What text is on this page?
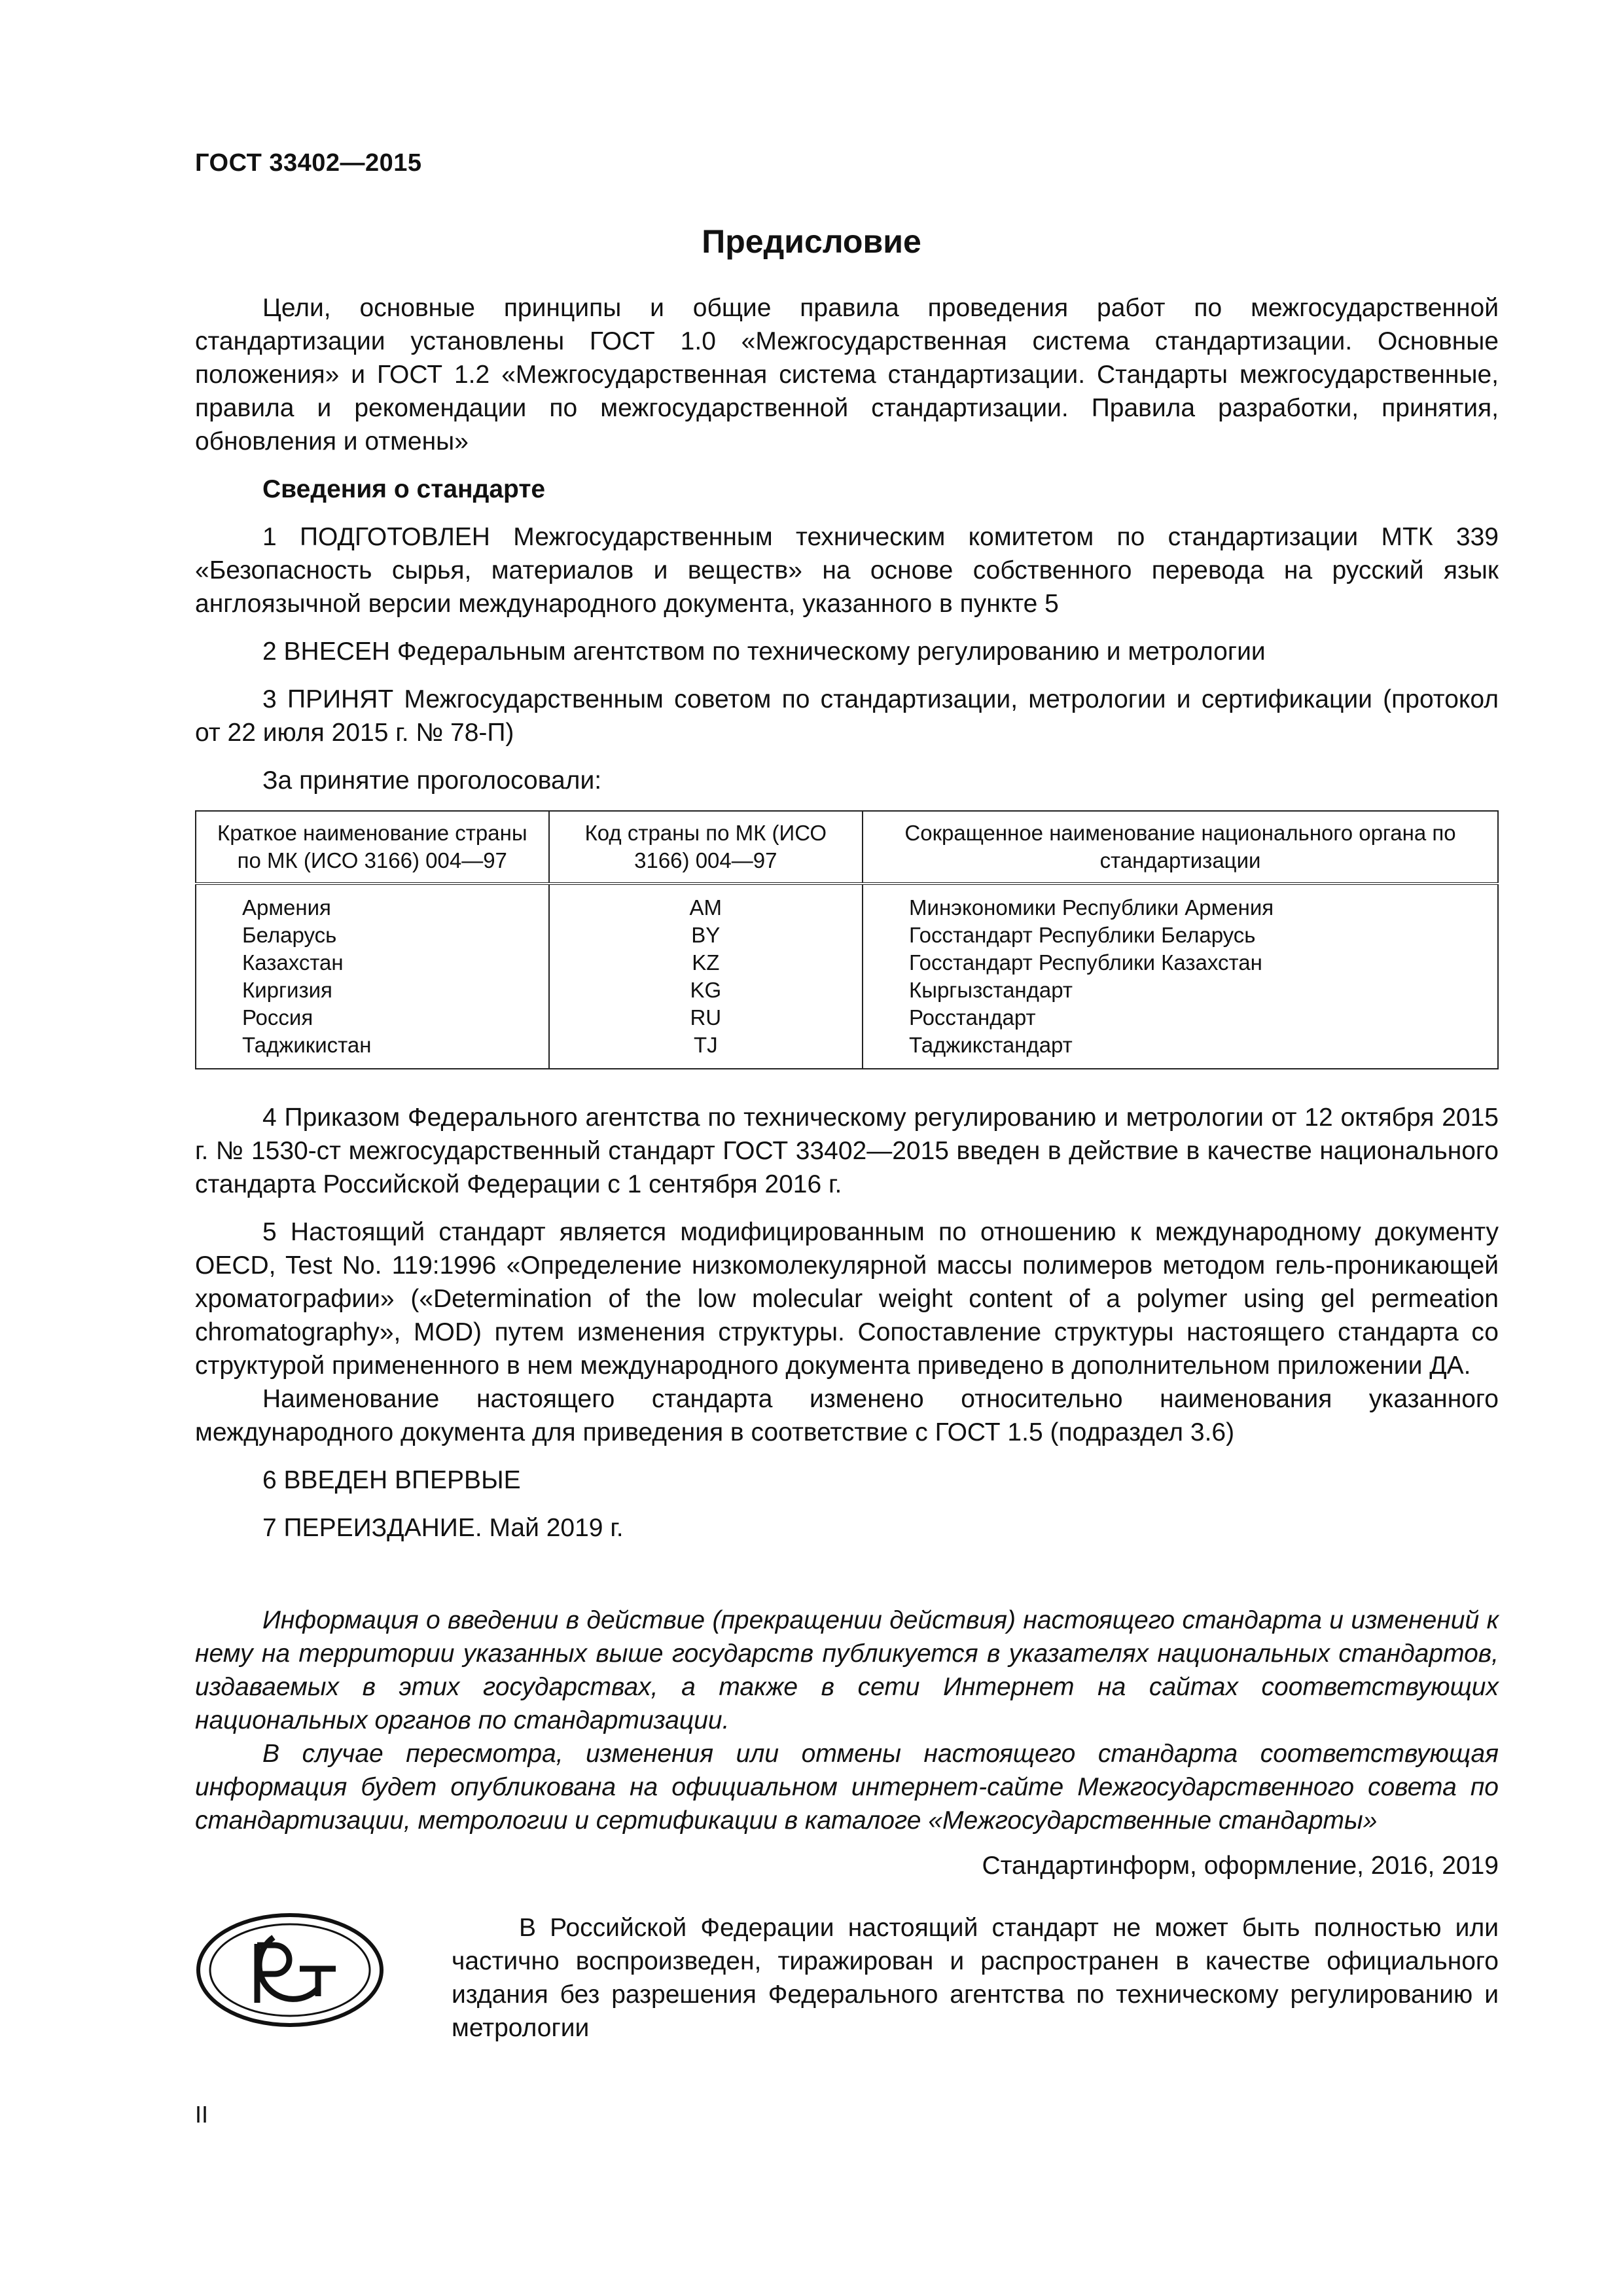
ГОСТ 33402—2015
Предисловие

Цели, основные принципы и общие правила проведения работ по межгосударственной стандартизации установлены ГОСТ 1.0 «Межгосударственная система стандартизации. Основные положения» и ГОСТ 1.2 «Межгосударственная система стандартизации. Стандарты межгосударственные, правила и рекомендации по межгосударственной стандартизации. Правила разработки, принятия, обновления и отмены»

Сведения о стандарте

1 ПОДГОТОВЛЕН Межгосударственным техническим комитетом по стандартизации МТК 339 «Безопасность сырья, материалов и веществ» на основе собственного перевода на русский язык англоязычной версии международного документа, указанного в пункте 5

2 ВНЕСЕН Федеральным агентством по техническому регулированию и метрологии

3 ПРИНЯТ Межгосударственным советом по стандартизации, метрологии и сертификации (протокол от 22 июля 2015 г. № 78-П)

За принятие проголосовали:

Краткое наименование страны по МК (ИСО 3166) 004—97	Код страны по МК (ИСО 3166) 004—97	Сокращенное наименование национального органа по стандартизации
Армения	AM	Минэкономики Республики Армения
Беларусь	BY	Госстандарт Республики Беларусь
Казахстан	KZ	Госстандарт Республики Казахстан
Киргизия	KG	Кыргызстандарт
Россия	RU	Росстандарт
Таджикистан	TJ	Таджикстандарт

4 Приказом Федерального агентства по техническому регулированию и метрологии от 12 октября 2015 г. № 1530-ст межгосударственный стандарт ГОСТ 33402—2015 введен в действие в качестве национального стандарта Российской Федерации с 1 сентября 2016 г.

5 Настоящий стандарт является модифицированным по отношению к международному документу OECD, Test No. 119:1996 «Определение низкомолекулярной массы полимеров методом гель-проникающей хроматографии» («Determination of the low molecular weight content of a polymer using gel permeation chromatography», MOD) путем изменения структуры. Сопоставление структуры настоящего стандарта со структурой примененного в нем международного документа приведено в дополнительном приложении ДА.

Наименование настоящего стандарта изменено относительно наименования указанного международного документа для приведения в соответствие с ГОСТ 1.5 (подраздел 3.6)

6 ВВЕДЕН ВПЕРВЫЕ

7 ПЕРЕИЗДАНИЕ. Май 2019 г.

Информация о введении в действие (прекращении действия) настоящего стандарта и изменений к нему на территории указанных выше государств публикуется в указателях национальных стандартов, издаваемых в этих государствах, а также в сети Интернет на сайтах соответствующих национальных органов по стандартизации.

В случае пересмотра, изменения или отмены настоящего стандарта соответствующая информация будет опубликована на официальном интернет-сайте Межгосударственного совета по стандартизации, метрологии и сертификации в каталоге «Межгосударственные стандарты»

Стандартинформ, оформление, 2016, 2019
В Российской Федерации настоящий стандарт не может быть полностью или частично воспроизведен, тиражирован и распространен в качестве официального издания без разрешения Федерального агентства по техническому регулированию и метрологии
II
